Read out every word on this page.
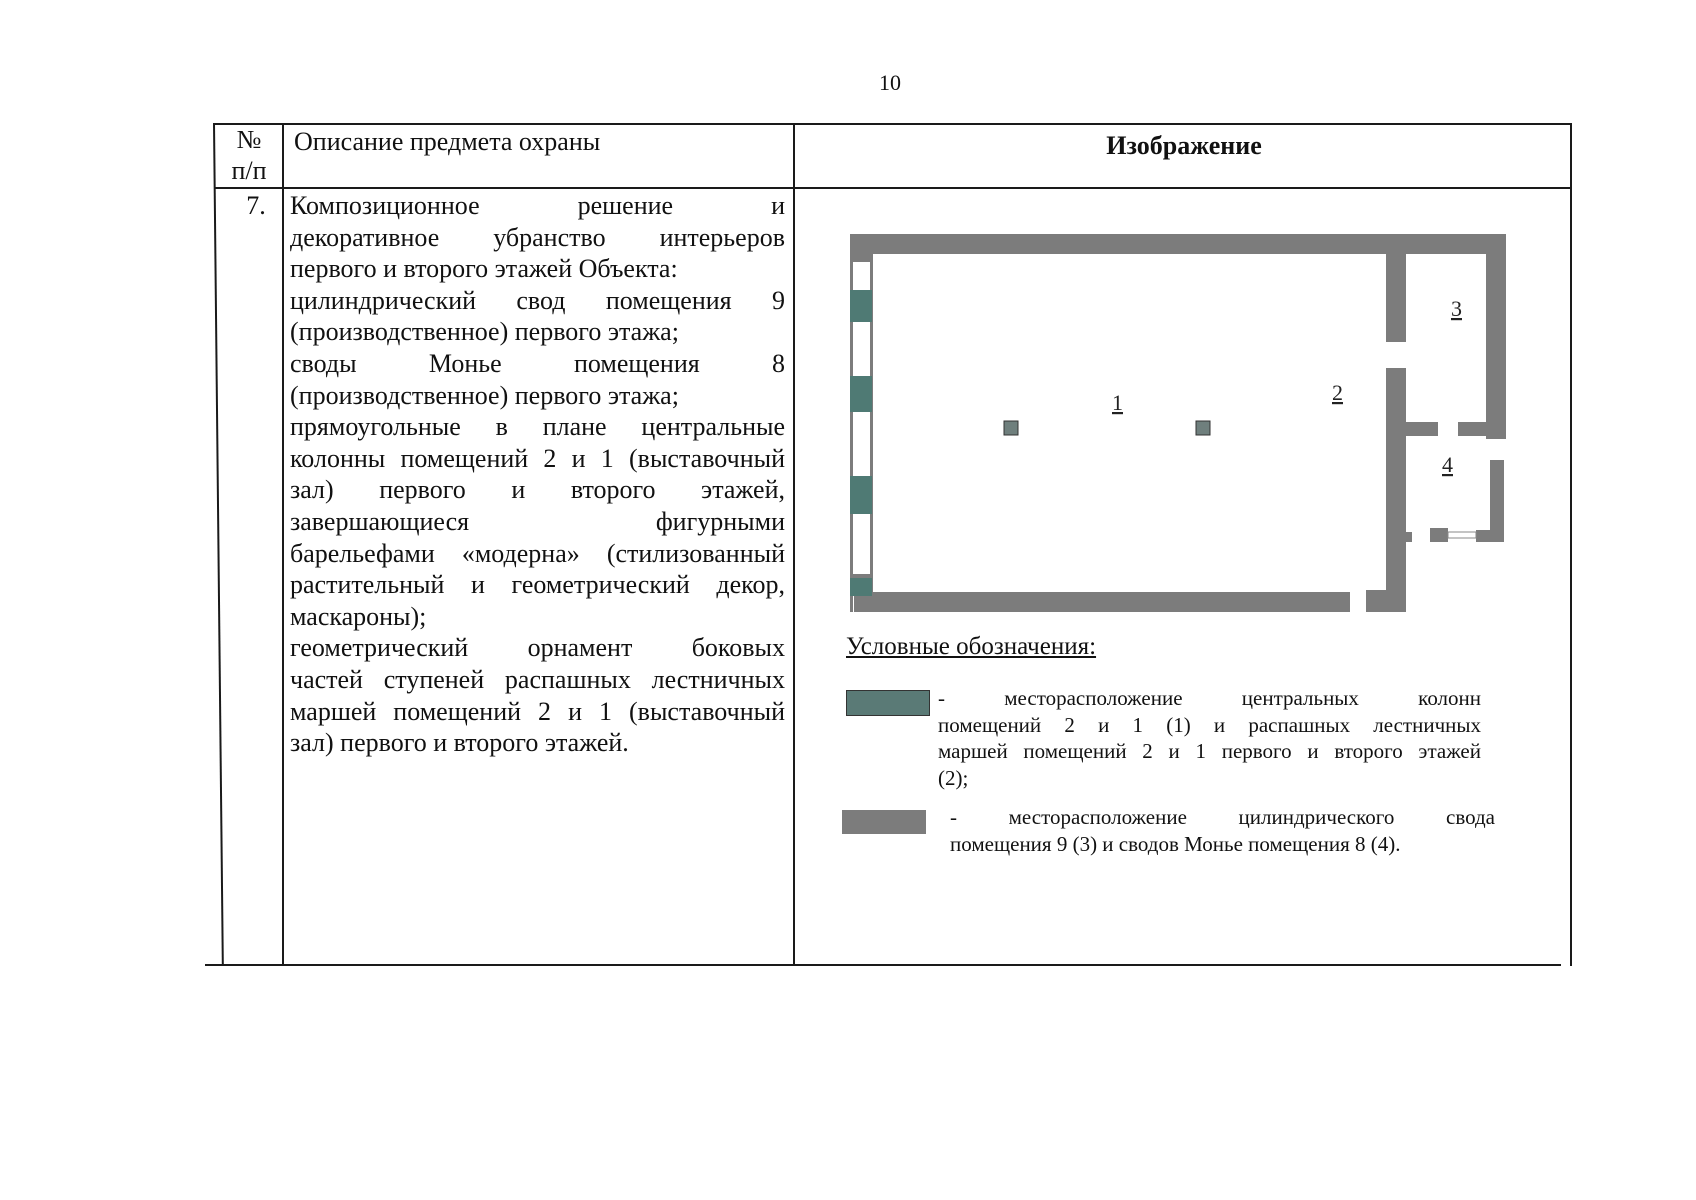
10
№
п/п
Описание предмета охраны	Изображение
7. Композиционное решение и

декоративное убранство интерьеров

первого и второго этажей Объекта:

цилиндрический свод помещения 9

(производственное) первого этажа;

своды Монье помещения 8

(производственное) первого этажа;

прямоугольные в плане центральные

колонны помещений 2 и 1 (выставочный

зал) первого и второго этажей,

завершающиеся фигурными

барельефами «модерна» (стилизованный

растительный и геометрический декор,

маскароны);

геометрический орнамент боковых

частей ступеней распашных лестничных

маршей помещений 2 и 1 (выставочный

зал) первого и второго этажей.

1	2
3
4
Условные обозначения:

- месторасположение центральных колонн

помещений 2 и 1 (1) и распашных лестничных

маршей помещений 2 и 1 первого и второго этажей

(2);

- месторасположение цилиндрического свода

помещения 9 (3) и сводов Монье помещения 8 (4).
